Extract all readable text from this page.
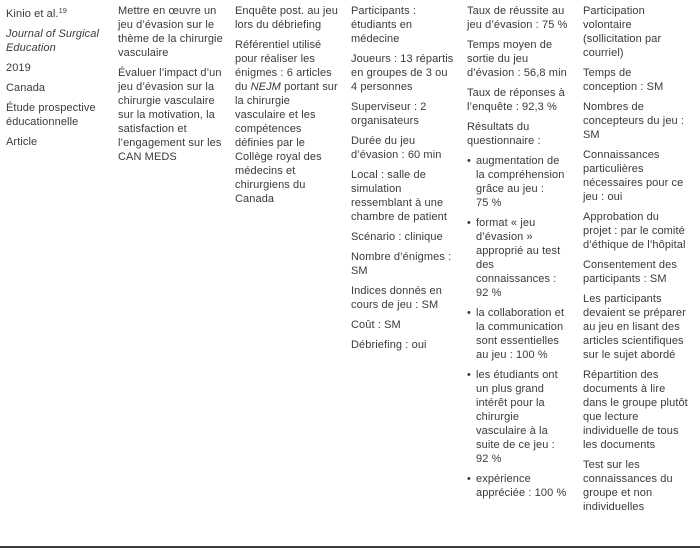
Kinio et al.$^{19}$

Journal of Surgical Education

2019

Canada

Étude prospective éducationnelle

Article

Mettre en œuvre un jeu d’évasion sur le thème de la chirurgie vasculaire

Évaluer l’impact d’un jeu d’évasion sur la chirurgie vasculaire sur la motivation, la satisfaction et l’engagement sur les CAN MEDS

Enquête post. au jeu lors du débriefing

Référentiel utilisé pour réaliser les énigmes : 6 articles du NEJM portant sur la chirurgie vasculaire et les compétences définies par le Collège royal des médecins et chirurgiens du Canada

Participants : étudiants en médecine

Joueurs : 13 répartis en groupes de 3 ou 4 personnes

Superviseur : 2 organisateurs

Durée du jeu d’évasion : 60 min

Local : salle de simulation ressemblant à une chambre de patient

Scénario : clinique

Nombre d’énigmes : SM

Indices donnés en cours de jeu : SM

Coût : SM

Débriefing : oui

Taux de réussite au jeu d’évasion : 75 %

Temps moyen de sortie du jeu d’évasion : 56,8 min

Taux de réponses à l’enquête : 92,3 %

Résultats du questionnaire :

• augmentation de la compréhension grâce au jeu : 75 %

• format « jeu d’évasion » approprié au test des connaissances : 92 %

• la collaboration et la communication sont essentielles au jeu : 100 %

• les étudiants ont un plus grand intérêt pour la chirurgie vasculaire à la suite de ce jeu : 92 %

• expérience appréciée : 100 %

Participation volontaire (sollicitation par courriel)

Temps de conception : SM

Nombres de concepteurs du jeu : SM

Connaissances particulières nécessaires pour ce jeu : oui

Approbation du projet : par le comité d’éthique de l’hôpital

Consentement des participants : SM

Les participants devaient se préparer au jeu en lisant des articles scientifiques sur le sujet abordé

Répartition des documents à lire dans le groupe plutôt que lecture individuelle de tous les documents

Test sur les connaissances du groupe et non individuelles
